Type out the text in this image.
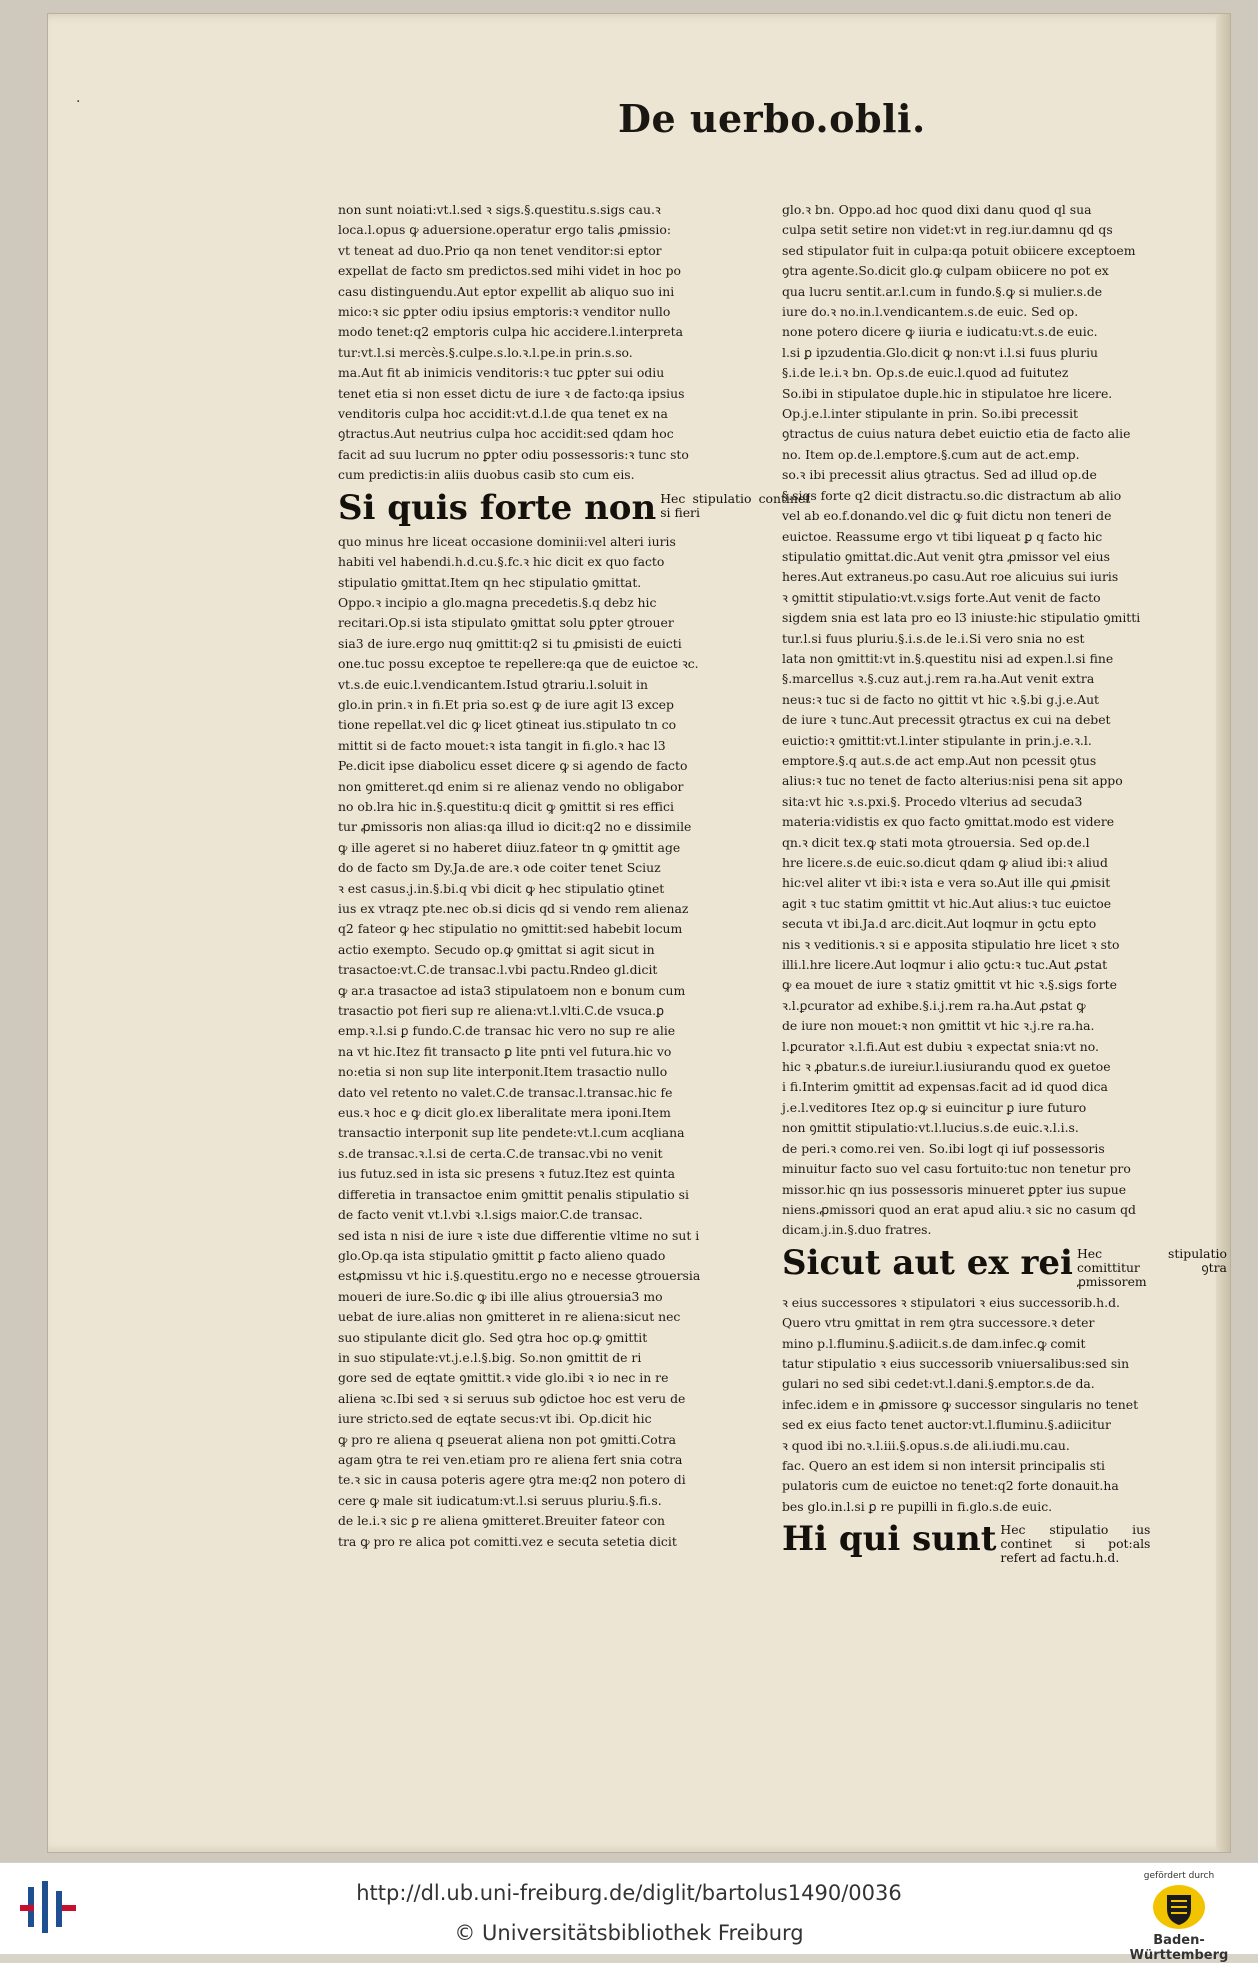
·	De uerbo.obli.

non sunt noiati:vt.l.sed ꝛ sigs.§.questitu.s.sigs cau.ꝛ
loca.l.opus ꝙ aduersione.operatur ergo talis ꝓmissio:
vt teneat ad duo.Prio qa non tenet venditor:si eptor
expellat de facto sm predictos.sed mihi videt in hoc po
casu distinguendu.Aut eptor expellit ab aliquo suo ini
mico:ꝛ sic ꝑpter odiu ipsius emptoris:ꝛ venditor nullo
modo tenet:q2 emptoris culpa hic accidere.l.interpreta
tur:vt.l.si mercès.§.culpe.s.lo.ꝛ.l.pe.in prin.s.so.
ma.Aut fit ab inimicis venditoris:ꝛ tuc ꝑpter sui odiu
tenet etia si non esset dictu de iure ꝛ de facto:qa ipsius
venditoris culpa hoc accidit:vt.d.l.de qua tenet ex na
ꝯtractus.Aut neutrius culpa hoc accidit:sed qdam hoc
facit ad suu lucrum no ꝑpter odiu possessoris:ꝛ tunc sto
cum predictis:in aliis duobus casib sto cum eis.

Si quis forte non Hec stipulatio continet si fieri

quo minus hre liceat occasione dominii:vel alteri iuris
habiti vel habendi.h.d.cu.§.fc.ꝛ hic dicit ex quo facto
stipulatio ꝯmittat.Item qn hec stipulatio ꝯmittat.
Oppo.ꝛ incipio a glo.magna precedetis.§.q debz hic
recitari.Op.si ista stipulato ꝯmittat solu ꝑpter ꝯtrouer
sia3 de iure.ergo nuq ꝯmittit:q2 si tu ꝓmisisti de euicti
one.tuc possu exceptoe te repellere:qa que de euictoe ꝛc.
vt.s.de euic.l.vendicantem.Istud ꝯtrariu.l.soluit in
glo.in prin.ꝛ in fi.Et pria so.est ꝙ de iure agit l3 excep
tione repellat.vel dic ꝙ licet ꝯtineat ius.stipulato tn co
mittit si de facto mouet:ꝛ ista tangit in fi.glo.ꝛ hac l3
Pe.dicit ipse diabolicu esset dicere ꝙ si agendo de facto
non ꝯmitteret.qd enim si re alienaz vendo no obligabor
no ob.lra hic in.§.questitu:q dicit ꝙ ꝯmittit si res effici
tur ꝓmissoris non alias:qa illud io dicit:q2 no e dissimile
ꝙ ille ageret si no haberet diiuz.fateor tn ꝙ ꝯmittit age
do de facto sm Dy.Ja.de are.ꝛ ode coiter tenet Sciuz
ꝛ est casus.j.in.§.bi.q vbi dicit ꝙ hec stipulatio ꝯtinet
ius ex vtraqz pte.nec ob.si dicis qd si vendo rem alienaz
q2 fateor ꝙ hec stipulatio no ꝯmittit:sed habebit locum
actio exempto. Secudo op.ꝙ ꝯmittat si agit sicut in
trasactoe:vt.C.de transac.l.vbi pactu.Rndeo gl.dicit
ꝙ ar.a trasactoe ad ista3 stipulatoem non e bonum cum
trasactio pot fieri sup re aliena:vt.l.vlti.C.de vsuca.ꝑ
emp.ꝛ.l.si ꝑ fundo.C.de transac hic vero no sup re alie
na vt hic.Itez fit transacto ꝑ lite pnti vel futura.hic vo
no:etia si non sup lite interponit.Item trasactio nullo
dato vel retento no valet.C.de transac.l.transac.hic fe
eus.ꝛ hoc e ꝙ dicit glo.ex liberalitate mera iponi.Item
transactio interponit sup lite pendete:vt.l.cum acqliana
s.de transac.ꝛ.l.si de certa.C.de transac.vbi no venit
ius futuz.sed in ista sic presens ꝛ futuz.Itez est quinta
differetia in transactoe enim ꝯmittit penalis stipulatio si
de facto venit vt.l.vbi ꝛ.l.sigs maior.C.de transac.
sed ista n nisi de iure ꝛ iste due differentie vltime no sut i
glo.Op.qa ista stipulatio ꝯmittit ꝑ facto alieno quado
estꝓmissu vt hic i.§.questitu.ergo no e necesse ꝯtrouersia
moueri de iure.So.dic ꝙ ibi ille alius ꝯtrouersia3 mo
uebat de iure.alias non ꝯmitteret in re aliena:sicut nec
suo stipulante dicit glo. Sed ꝯtra hoc op.ꝙ ꝯmittit
in suo stipulate:vt.j.e.l.§.big. So.non ꝯmittit de ri
gore sed de eqtate ꝯmittit.ꝛ vide glo.ibi ꝛ io nec in re
aliena ꝛc.Ibi sed ꝛ si seruus sub ꝯdictoe hoc est veru de
iure stricto.sed de eqtate secus:vt ibi. Op.dicit hic
ꝙ pro re aliena q ꝑseuerat aliena non pot ꝯmitti.Cotra
agam ꝯtra te rei ven.etiam pro re aliena fert snia cotra
te.ꝛ sic in causa poteris agere ꝯtra me:q2 non potero di
cere ꝙ male sit iudicatum:vt.l.si seruus pluriu.§.fi.s.
de le.i.ꝛ sic ꝑ re aliena ꝯmitteret.Breuiter fateor con
tra ꝙ pro re alica pot comitti.vez e secuta setetia dicit

glo.ꝛ bn. Oppo.ad hoc quod dixi danu quod ql sua
culpa setit setire non videt:vt in reg.iur.damnu qd qs
sed stipulator fuit in culpa:qa potuit obiicere exceptoem
ꝯtra agente.So.dicit glo.ꝙ culpam obiicere no pot ex
qua lucru sentit.ar.l.cum in fundo.§.ꝙ si mulier.s.de
iure do.ꝛ no.in.l.vendicantem.s.de euic. Sed op.
none potero dicere ꝙ iiuria e iudicatu:vt.s.de euic.
l.si ꝑ ipzudentia.Glo.dicit ꝙ non:vt i.l.si fuus pluriu
§.i.de le.i.ꝛ bn. Op.s.de euic.l.quod ad fuitutez
So.ibi in stipulatoe duple.hic in stipulatoe hre licere.
Op.j.e.l.inter stipulante in prin. So.ibi precessit
ꝯtractus de cuius natura debet euictio etia de facto alie
no. Item op.de.l.emptore.§.cum aut de act.emp.
so.ꝛ ibi precessit alius ꝯtractus. Sed ad illud op.de
§.sigs forte q2 dicit distractu.so.dic distractum ab alio
vel ab eo.f.donando.vel dic ꝙ fuit dictu non teneri de
euictoe. Reassume ergo vt tibi liqueat ꝑ q facto hic
stipulatio ꝯmittat.dic.Aut venit ꝯtra ꝓmissor vel eius
heres.Aut extraneus.po casu.Aut roe alicuius sui iuris
ꝛ ꝯmittit stipulatio:vt.v.sigs forte.Aut venit de facto
sigdem snia est lata pro eo l3 iniuste:hic stipulatio ꝯmitti
tur.l.si fuus pluriu.§.i.s.de le.i.Si vero snia no est
lata non ꝯmittit:vt in.§.questitu nisi ad expen.l.si fine
§.marcellus ꝛ.§.cuz aut.j.rem ra.ha.Aut venit extra
neus:ꝛ tuc si de facto no ꝯittit vt hic ꝛ.§.bi g.j.e.Aut
de iure ꝛ tunc.Aut precessit ꝯtractus ex cui na debet
euictio:ꝛ ꝯmittit:vt.l.inter stipulante in prin.j.e.ꝛ.l.
emptore.§.q aut.s.de act emp.Aut non pcessit ꝯtus
alius:ꝛ tuc no tenet de facto alterius:nisi pena sit appo
sita:vt hic ꝛ.s.pxi.§. Procedo vlterius ad secuda3
materia:vidistis ex quo facto ꝯmittat.modo est videre
qn.ꝛ dicit tex.ꝙ stati mota ꝯtrouersia. Sed op.de.l
hre licere.s.de euic.so.dicut qdam ꝙ aliud ibi:ꝛ aliud
hic:vel aliter vt ibi:ꝛ ista e vera so.Aut ille qui ꝓmisit
agit ꝛ tuc statim ꝯmittit vt hic.Aut alius:ꝛ tuc euictoe
secuta vt ibi.Ja.d arc.dicit.Aut loqmur in ꝯctu epto
nis ꝛ veditionis.ꝛ si e apposita stipulatio hre licet ꝛ sto
illi.l.hre licere.Aut loqmur i alio ꝯctu:ꝛ tuc.Aut ꝓstat
ꝙ ea mouet de iure ꝛ statiz ꝯmittit vt hic ꝛ.§.sigs forte
ꝛ.l.ꝑcurator ad exhibe.§.i.j.rem ra.ha.Aut ꝓstat ꝙ
de iure non mouet:ꝛ non ꝯmittit vt hic ꝛ.j.re ra.ha.
l.ꝑcurator ꝛ.l.fi.Aut est dubiu ꝛ expectat snia:vt no.
hic ꝛ ꝓbatur.s.de iureiur.l.iusiurandu quod ex ꝯuetoe
i fi.Interim ꝯmittit ad expensas.facit ad id quod dica
j.e.l.veditores Itez op.ꝙ si euincitur ꝑ iure futuro
non ꝯmittit stipulatio:vt.l.lucius.s.de euic.ꝛ.l.i.s.
de peri.ꝛ como.rei ven. So.ibi logt qi iuf possessoris
minuitur facto suo vel casu fortuito:tuc non tenetur pro
missor.hic qn ius possessoris minueret ꝑpter ius supue
niens.ꝓmissori quod an erat apud aliu.ꝛ sic no casum qd
dicam.j.in.§.duo fratres.

Sicut aut ex rei Hec stipulatio comittitur ꝯtra ꝓmissorem

ꝛ eius successores ꝛ stipulatori ꝛ eius successorib.h.d.
Quero vtru ꝯmittat in rem ꝯtra successore.ꝛ deter
mino p.l.fluminu.§.adiicit.s.de dam.infec.ꝙ comit
tatur stipulatio ꝛ eius successorib vniuersalibus:sed sin
gulari no sed sibi cedet:vt.l.dani.§.emptor.s.de da.
infec.idem e in ꝓmissore ꝙ successor singularis no tenet
sed ex eius facto tenet auctor:vt.l.fluminu.§.adiicitur
ꝛ quod ibi no.ꝛ.l.iii.§.opus.s.de ali.iudi.mu.cau.
fac. Quero an est idem si non intersit principalis sti
pulatoris cum de euictoe no tenet:q2 forte donauit.ha
bes glo.in.l.si ꝑ re pupilli in fi.glo.s.de euic.

Hi qui sunt Hec stipulatio ius continet si pot:als refert ad factu.h.d.
http://dl.ub.uni-freiburg.de/diglit/bartolus1490/0036
© Universitätsbibliothek Freiburg
gefördert durch
Baden-Württemberg
